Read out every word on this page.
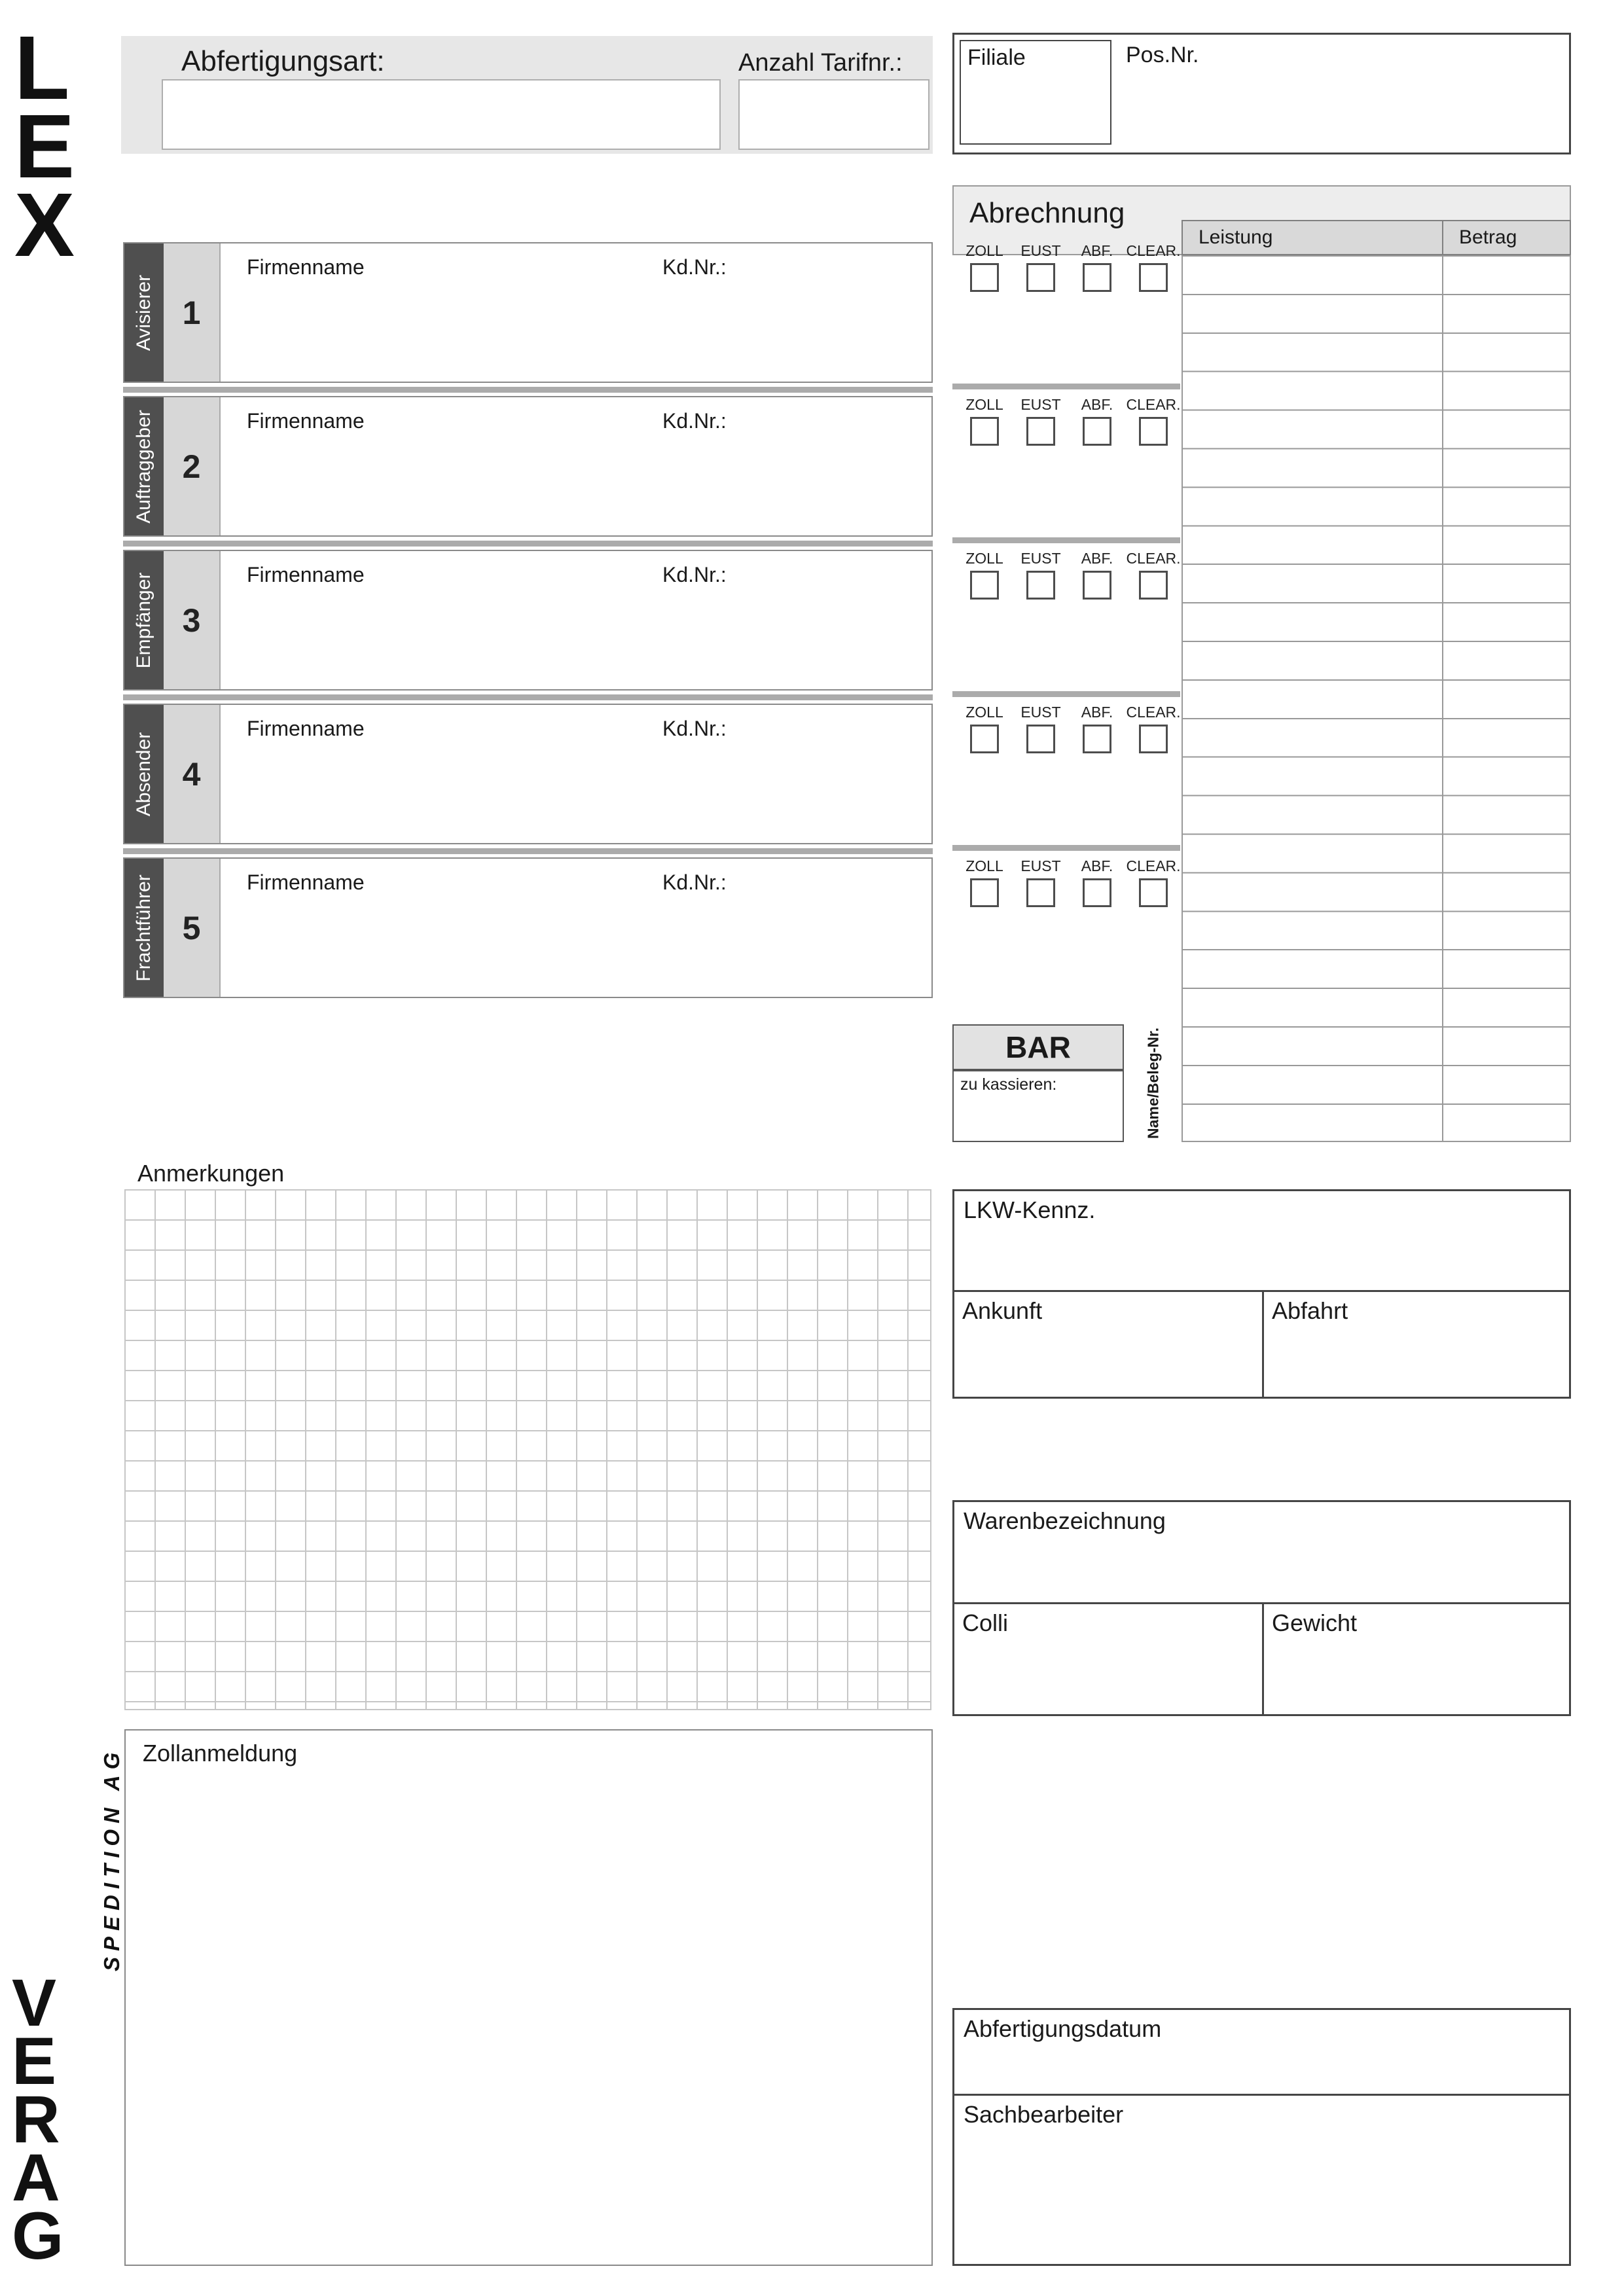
L
E
X
Abfertigungsart:	Anzahl Tarifnr.:	Filiale	Pos.Nr.
Abrechnung
Leistung	Betrag
ZOLL EUST ABF. CLEAR.
ZOLL EUST ABF. CLEAR.
ZOLL EUST ABF. CLEAR.
ZOLL EUST ABF. CLEAR.
ZOLL EUST ABF. CLEAR.
BAR
zu kassieren:	Name/Beleg-Nr.
Avisierer 1
Firmenname	Kd.Nr.:
Auftraggeber 2
Firmenname	Kd.Nr.:
Empfänger 3
Firmenname	Kd.Nr.:
Absender 4
Firmenname	Kd.Nr.:
Frachtführer 5
Firmenname	Kd.Nr.:
Anmerkungen
LKW-Kennz.
Ankunft	Abfahrt
Warenbezeichnung
Colli	Gewicht
Zollanmeldung
Abfertigungsdatum
Sachbearbeiter
V
E
R
A
G
SPEDITION AG
